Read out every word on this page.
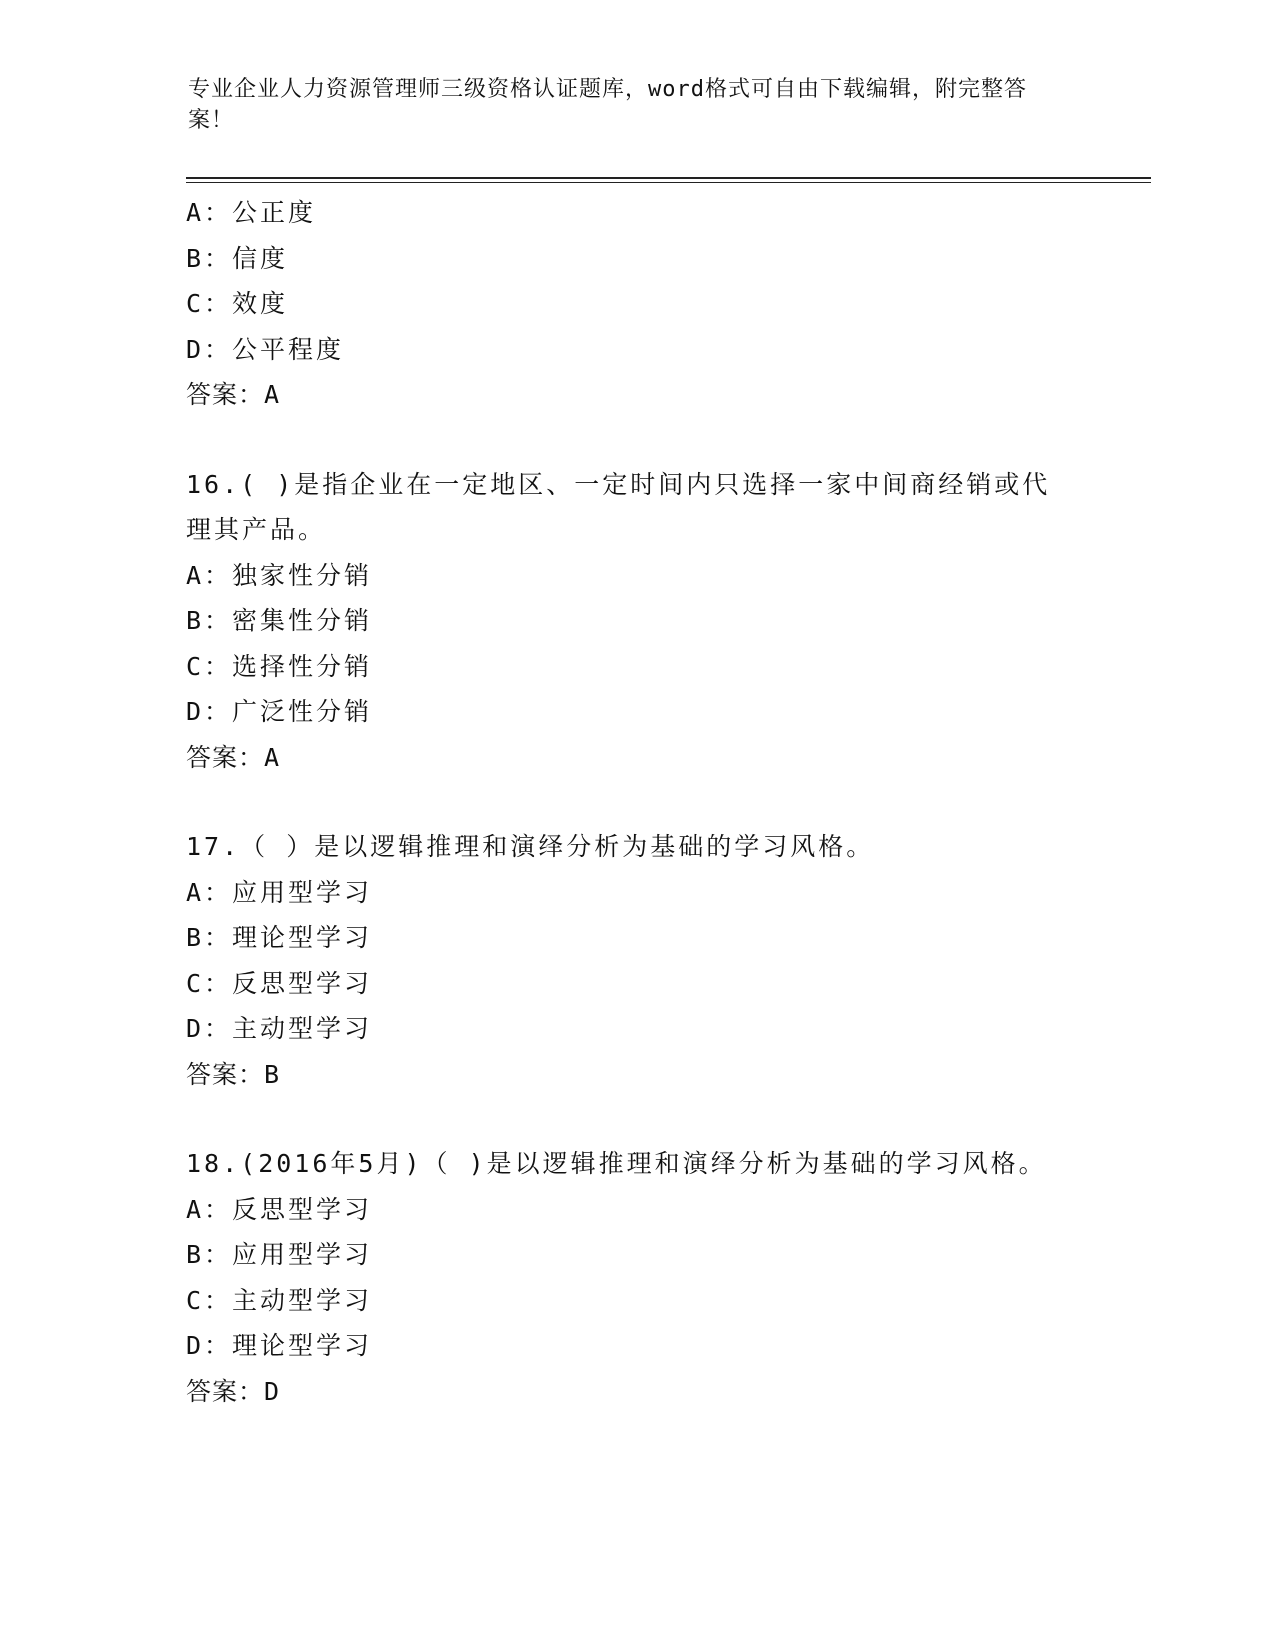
专业企业人力资源管理师三级资格认证题库，word格式可自由下载编辑，附完整答案！
A：公正度
B：信度
C：效度
D：公平程度
答案：A
16.( )是指企业在一定地区、一定时间内只选择一家中间商经销或代理其产品。
A：独家性分销
B：密集性分销
C：选择性分销
D：广泛性分销
答案：A
17.（ ）是以逻辑推理和演绎分析为基础的学习风格。
A：应用型学习
B：理论型学习
C：反思型学习
D：主动型学习
答案：B
18.(2016年5月)（ )是以逻辑推理和演绎分析为基础的学习风格。
A：反思型学习
B：应用型学习
C：主动型学习
D：理论型学习
答案：D
